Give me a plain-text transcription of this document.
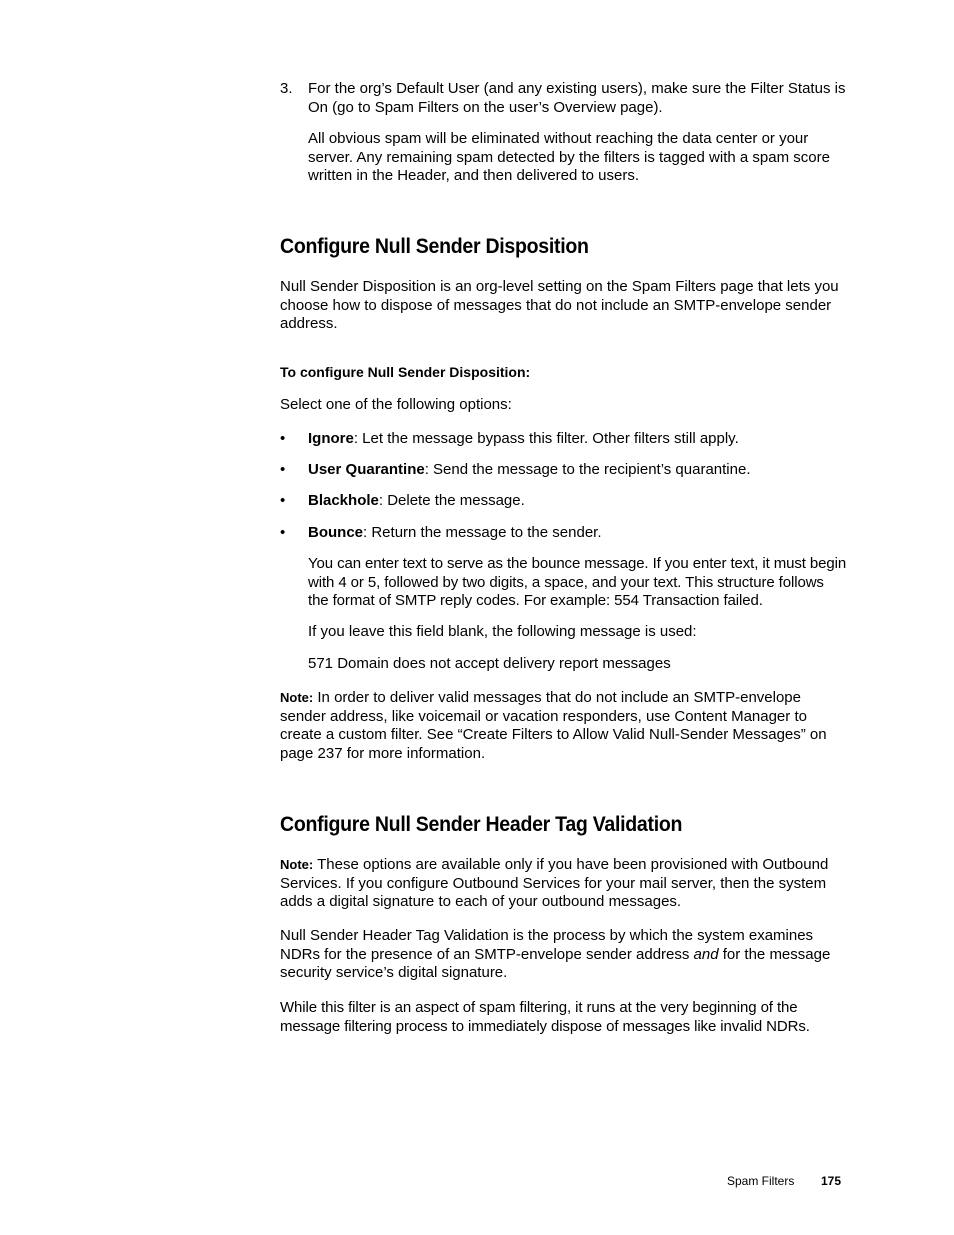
3. For the org’s Default User (and any existing users), make sure the Filter Status is On (go to Spam Filters on the user’s Overview page).

All obvious spam will be eliminated without reaching the data center or your server. Any remaining spam detected by the filters is tagged with a spam score written in the Header, and then delivered to users.

Configure Null Sender Disposition

Null Sender Disposition is an org-level setting on the Spam Filters page that lets you choose how to dispose of messages that do not include an SMTP-envelope sender address.

To configure Null Sender Disposition:

Select one of the following options:

• Ignore: Let the message bypass this filter. Other filters still apply.

• User Quarantine: Send the message to the recipient’s quarantine.

• Blackhole: Delete the message.

• Bounce: Return the message to the sender.

You can enter text to serve as the bounce message. If you enter text, it must begin with 4 or 5, followed by two digits, a space, and your text. This structure follows the format of SMTP reply codes. For example: 554 Transaction failed.

If you leave this field blank, the following message is used:

571 Domain does not accept delivery report messages

Note: In order to deliver valid messages that do not include an SMTP-envelope sender address, like voicemail or vacation responders, use Content Manager to create a custom filter. See “Create Filters to Allow Valid Null-Sender Messages” on page 237 for more information.

Configure Null Sender Header Tag Validation

Note: These options are available only if you have been provisioned with Outbound Services. If you configure Outbound Services for your mail server, then the system adds a digital signature to each of your outbound messages.

Null Sender Header Tag Validation is the process by which the system examines NDRs for the presence of an SMTP-envelope sender address and for the message security service’s digital signature.

While this filter is an aspect of spam filtering, it runs at the very beginning of the message filtering process to immediately dispose of messages like invalid NDRs.

Spam Filters 175
